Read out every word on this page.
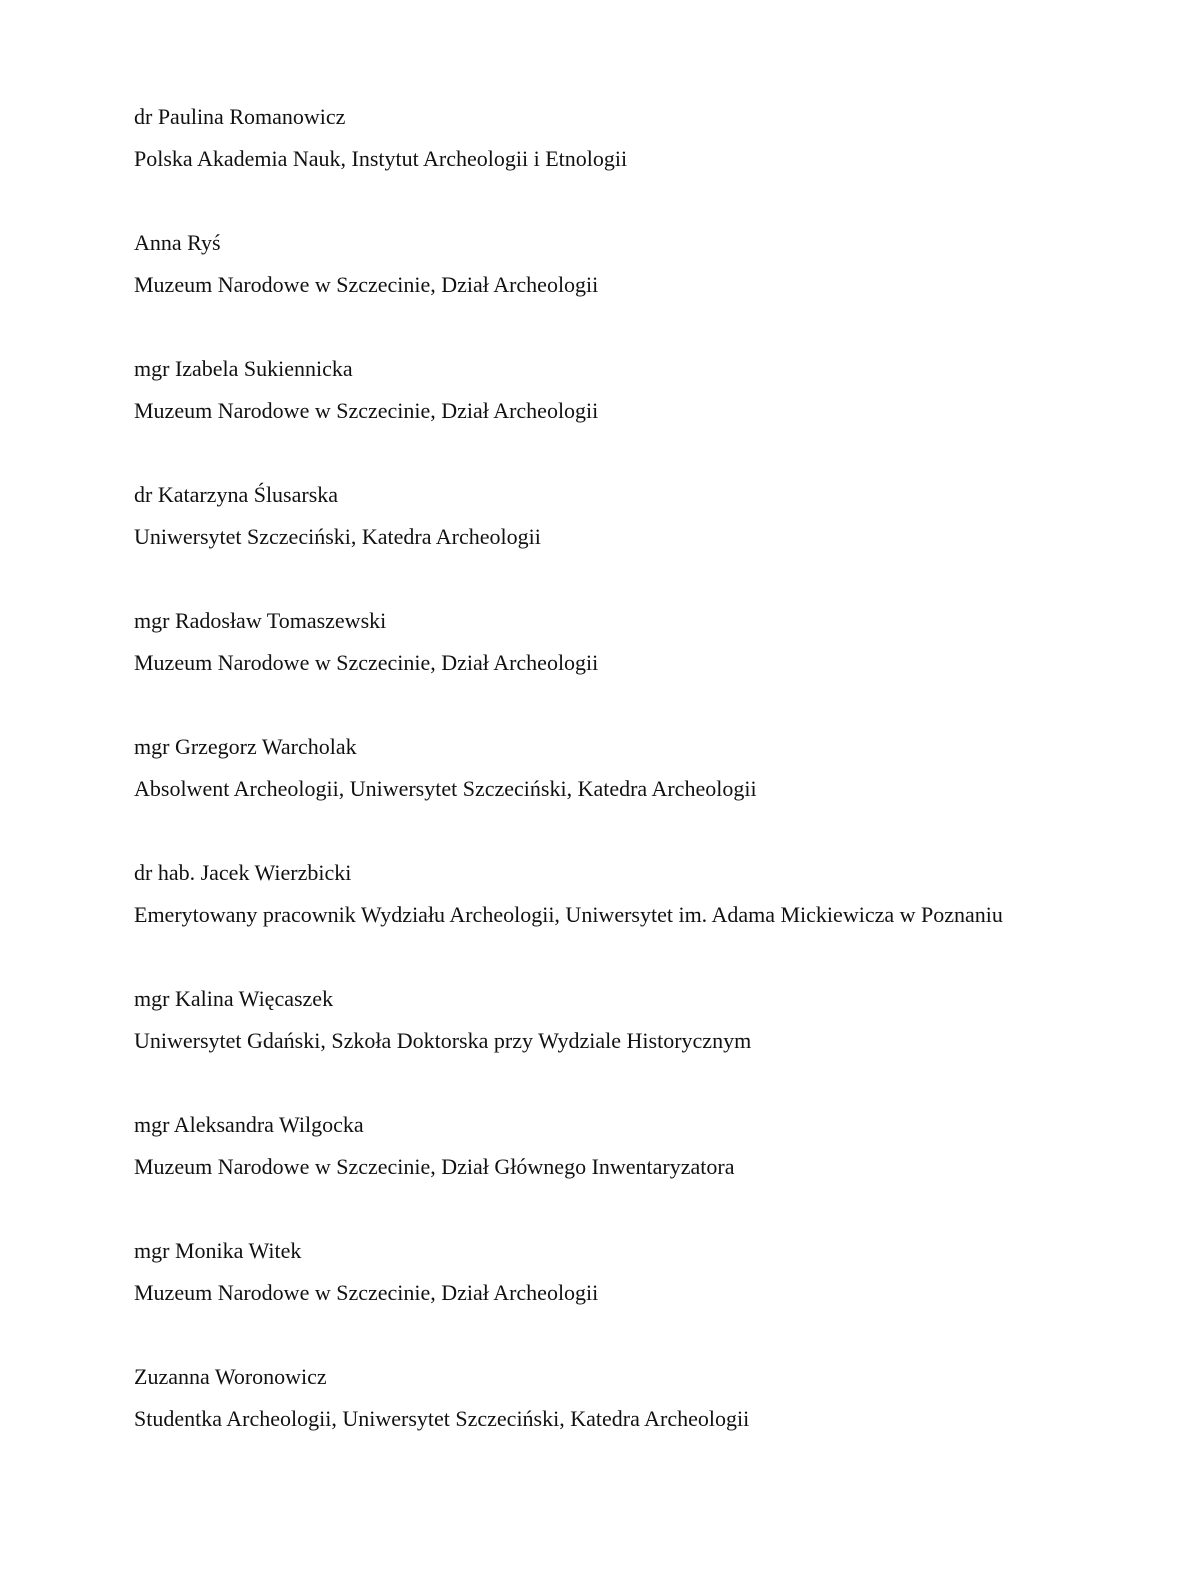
dr Paulina Romanowicz
Polska Akademia Nauk, Instytut Archeologii i Etnologii
Anna Ryś
Muzeum Narodowe w Szczecinie, Dział Archeologii
mgr Izabela Sukiennicka
Muzeum Narodowe w Szczecinie, Dział Archeologii
dr Katarzyna Ślusarska
Uniwersytet Szczeciński, Katedra Archeologii
mgr Radosław Tomaszewski
Muzeum Narodowe w Szczecinie, Dział Archeologii
mgr Grzegorz Warcholak
Absolwent Archeologii, Uniwersytet Szczeciński, Katedra Archeologii
dr hab. Jacek Wierzbicki
Emerytowany pracownik Wydziału Archeologii, Uniwersytet im. Adama Mickiewicza w Poznaniu
mgr Kalina Więcaszek
Uniwersytet Gdański, Szkoła Doktorska przy Wydziale Historycznym
mgr Aleksandra Wilgocka
Muzeum Narodowe w Szczecinie, Dział Głównego Inwentaryzatora
mgr Monika Witek
Muzeum Narodowe w Szczecinie, Dział Archeologii
Zuzanna Woronowicz
Studentka Archeologii, Uniwersytet Szczeciński, Katedra Archeologii
